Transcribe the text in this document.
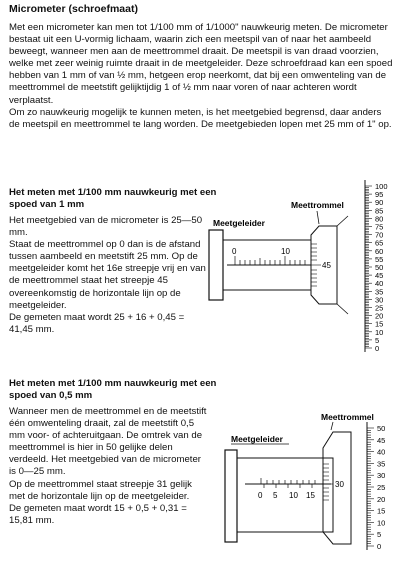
Micrometer (schroefmaat)

Met een micrometer kan men tot 1/100 mm of 1/1000" nauwkeurig meten. De micrometer bestaat uit een U-vormig lichaam, waarin zich een meetspil van of naar het aambeeld beweegt, wanneer men aan de meettrommel draait. De meetspil is van draad voorzien, welke met zeer weinig ruimte draait in de meetgeleider. Deze schroefdraad kan een spoed hebben van 1 mm of van ½ mm, hetgeen erop neerkomt, dat bij een omwenteling van de meettrommel de meetstift gelijktijdig 1 of ½ mm naar voren of naar achteren wordt verplaatst.

Om zo nauwkeurig mogelijk te kunnen meten, is het meetgebied begrensd, daar anders de meetspil en meettrommel te lang worden. De meetgebieden lopen met 25 mm of 1" op.

Het meten met 1/100 mm nauwkeurig met een spoed van 1 mm

Het meetgebied van de micrometer is 25—50 mm.

Staat de meettrommel op 0 dan is de afstand tussen aambeeld en meetstift 25 mm. Op de meetgeleider komt het 16e streepje vrij en van de meettrommel staat het streepje 45 overeenkomstig de horizontale lijn op de meetgeleider.

De gemeten maat wordt 25 + 16 + 0,45 = 41,45 mm.

Meetgeleider
Meettrommel
0	10
45
100
95
90
85
80
75
70
65
60
55
50
45
40
35
30
25
20
15
10
5
0
Het meten met 1/100 mm nauwkeurig met een spoed van 0,5 mm

Wanneer men de meettrommel en de meetstift één omwenteling draait, zal de meetstift 0,5 mm voor- of achteruitgaan. De omtrek van de meettrommel is hier in 50 gelijke delen verdeeld. Het meetgebied van de micrometer is 0—25 mm.

Op de meettrommel staat streepje 31 gelijk met de horizontale lijn op de meetgeleider.

De gemeten maat wordt 15 + 0,5 + 0,31 = 15,81 mm.

Meettrommel
Meetgeleider
0 5 10 15
30
50
45
40
35
30
25
20
15
10
5
0
